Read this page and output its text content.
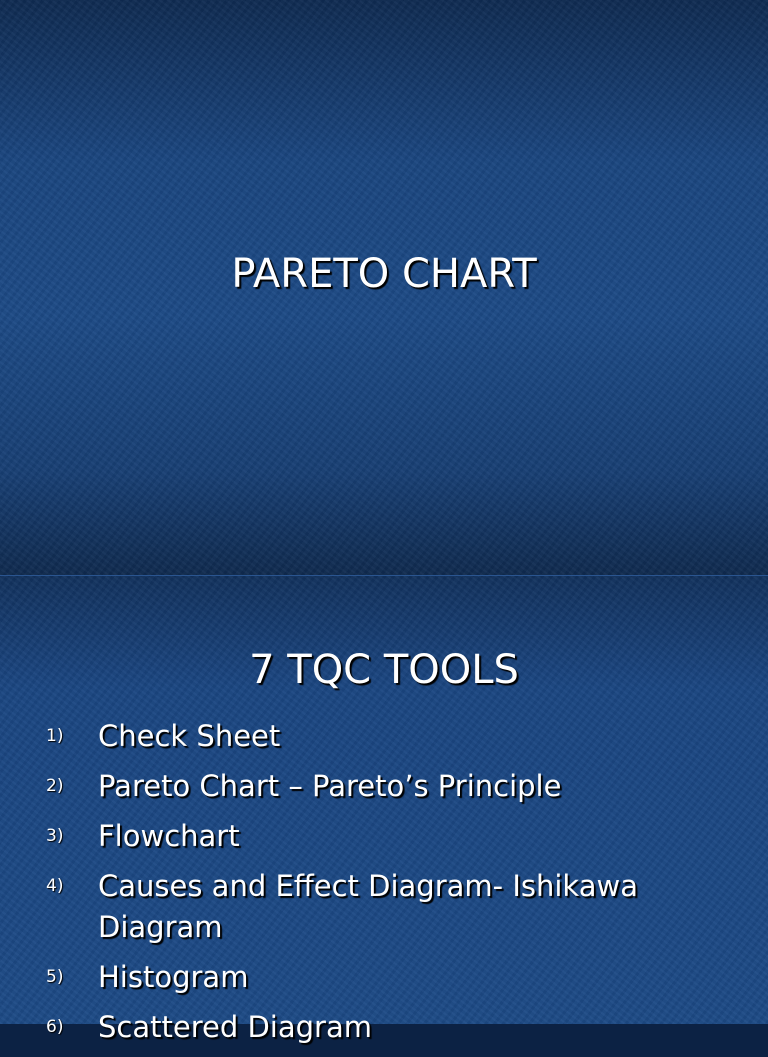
PARETO CHART
7 TQC TOOLS
1) Check Sheet
2) Pareto Chart – Pareto’s Principle
3) Flowchart
4) Causes and Effect Diagram- Ishikawa Diagram
5) Histogram
6) Scattered Diagram
